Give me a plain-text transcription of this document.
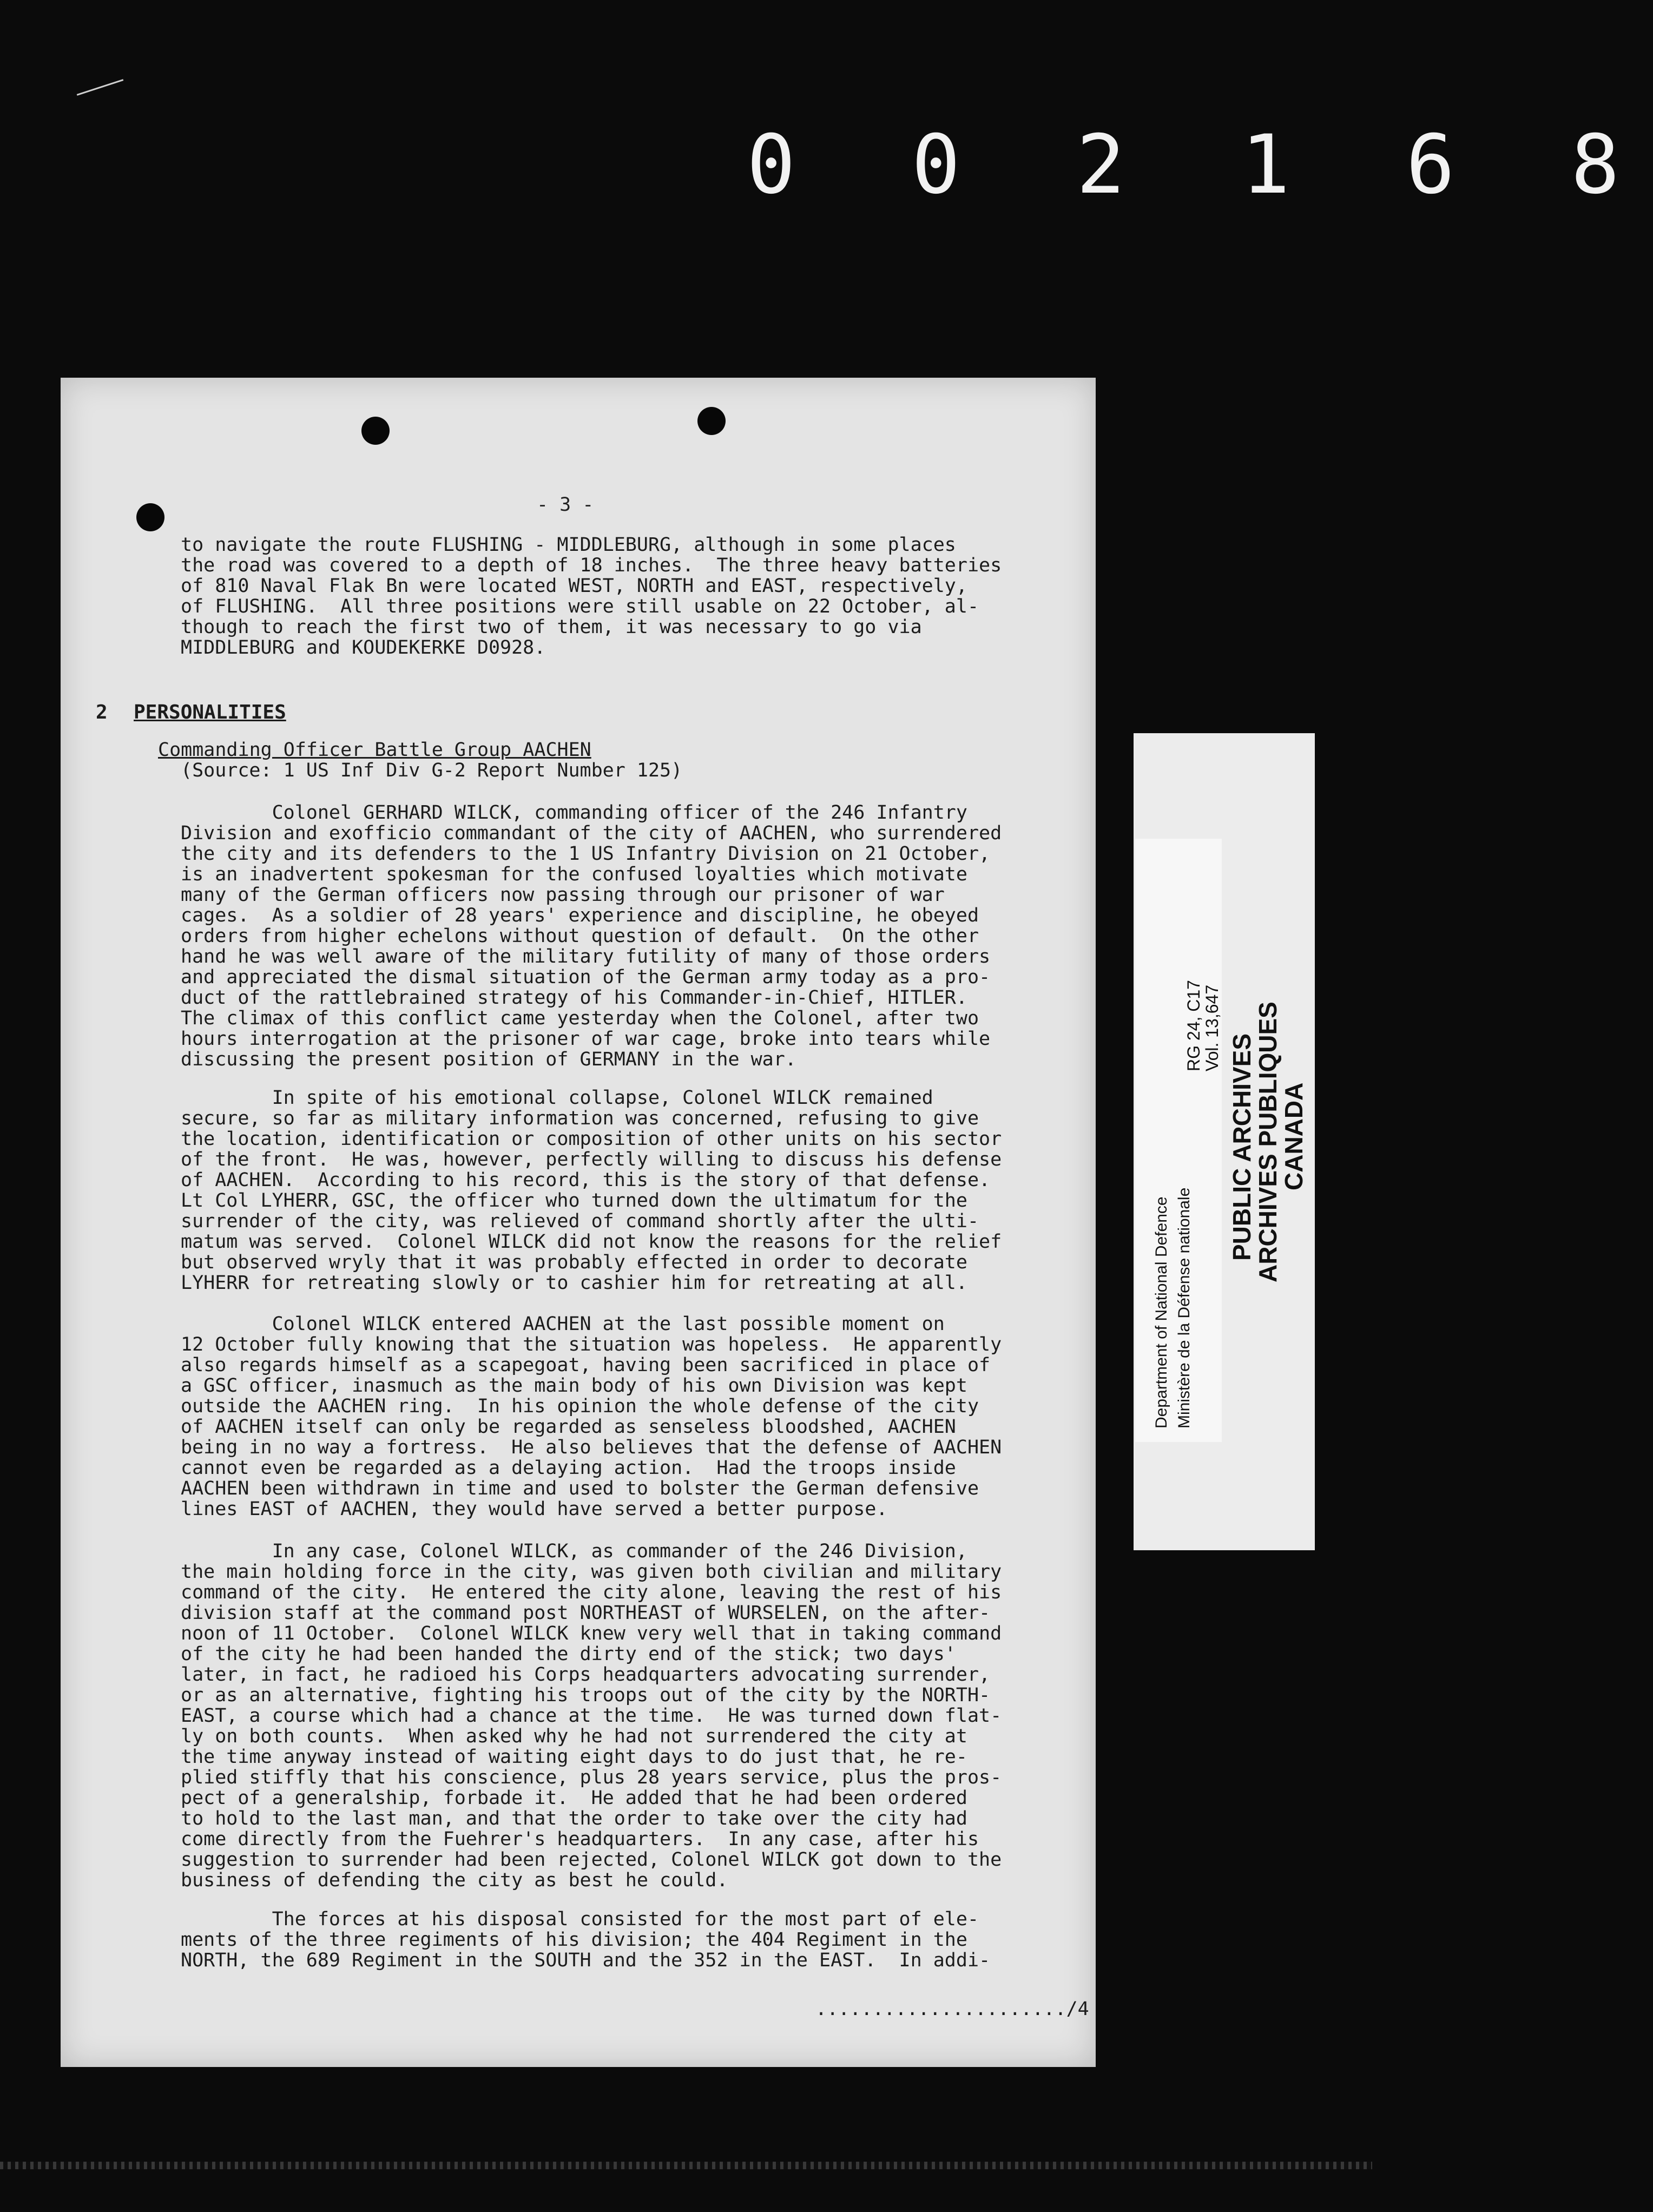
0 0 2 1 6 8
- 3 -

to navigate the route FLUSHING - MIDDLEBURG, although in some places

the road was covered to a depth of 18 inches.  The three heavy batteries

of 810 Naval Flak Bn were located WEST, NORTH and EAST, respectively,

of FLUSHING.  All three positions were still usable on 22 October, al-

though to reach the first two of them, it was necessary to go via

MIDDLEBURG and KOUDEKERKE D0928.

2 PERSONALITIES
Commanding Officer Battle Group AACHEN
(Source: 1 US Inf Div G-2 Report Number 125)

Colonel GERHARD WILCK, commanding officer of the 246 Infantry

Division and exofficio commandant of the city of AACHEN, who surrendered

the city and its defenders to the 1 US Infantry Division on 21 October,

is an inadvertent spokesman for the confused loyalties which motivate

many of the German officers now passing through our prisoner of war

cages.  As a soldier of 28 years' experience and discipline, he obeyed

orders from higher echelons without question of default.  On the other

hand he was well aware of the military futility of many of those orders

and appreciated the dismal situation of the German army today as a pro-

duct of the rattlebrained strategy of his Commander-in-Chief, HITLER.

The climax of this conflict came yesterday when the Colonel, after two

hours interrogation at the prisoner of war cage, broke into tears while

discussing the present position of GERMANY in the war.

In spite of his emotional collapse, Colonel WILCK remained

secure, so far as military information was concerned, refusing to give

the location, identification or composition of other units on his sector

of the front.  He was, however, perfectly willing to discuss his defense

of AACHEN.  According to his record, this is the story of that defense.

Lt Col LYHERR, GSC, the officer who turned down the ultimatum for the

surrender of the city, was relieved of command shortly after the ulti-

matum was served.  Colonel WILCK did not know the reasons for the relief

but observed wryly that it was probably effected in order to decorate

LYHERR for retreating slowly or to cashier him for retreating at all.

Colonel WILCK entered AACHEN at the last possible moment on

12 October fully knowing that the situation was hopeless.  He apparently

also regards himself as a scapegoat, having been sacrificed in place of

a GSC officer, inasmuch as the main body of his own Division was kept

outside the AACHEN ring.  In his opinion the whole defense of the city

of AACHEN itself can only be regarded as senseless bloodshed, AACHEN

being in no way a fortress.  He also believes that the defense of AACHEN

cannot even be regarded as a delaying action.  Had the troops inside

AACHEN been withdrawn in time and used to bolster the German defensive

lines EAST of AACHEN, they would have served a better purpose.

In any case, Colonel WILCK, as commander of the 246 Division,

the main holding force in the city, was given both civilian and military

command of the city.  He entered the city alone, leaving the rest of his

division staff at the command post NORTHEAST of WURSELEN, on the after-

noon of 11 October.  Colonel WILCK knew very well that in taking command

of the city he had been handed the dirty end of the stick; two days'

later, in fact, he radioed his Corps headquarters advocating surrender,

or as an alternative, fighting his troops out of the city by the NORTH-

EAST, a course which had a chance at the time.  He was turned down flat-

ly on both counts.  When asked why he had not surrendered the city at

the time anyway instead of waiting eight days to do just that, he re-

plied stiffly that his conscience, plus 28 years service, plus the pros-

pect of a generalship, forbade it.  He added that he had been ordered

to hold to the last man, and that the order to take over the city had

come directly from the Fuehrer's headquarters.  In any case, after his

suggestion to surrender had been rejected, Colonel WILCK got down to the

business of defending the city as best he could.

The forces at his disposal consisted for the most part of ele-

ments of the three regiments of his division; the 404 Regiment in the

NORTH, the 689 Regiment in the SOUTH and the 352 in the EAST.  In addi-

....................../4
Department of National Defence Ministère de la Défense nationale
RG 24, C17
Vol. 13,647
PUBLIC ARCHIVES
ARCHIVES PUBLIQUES
CANADA
